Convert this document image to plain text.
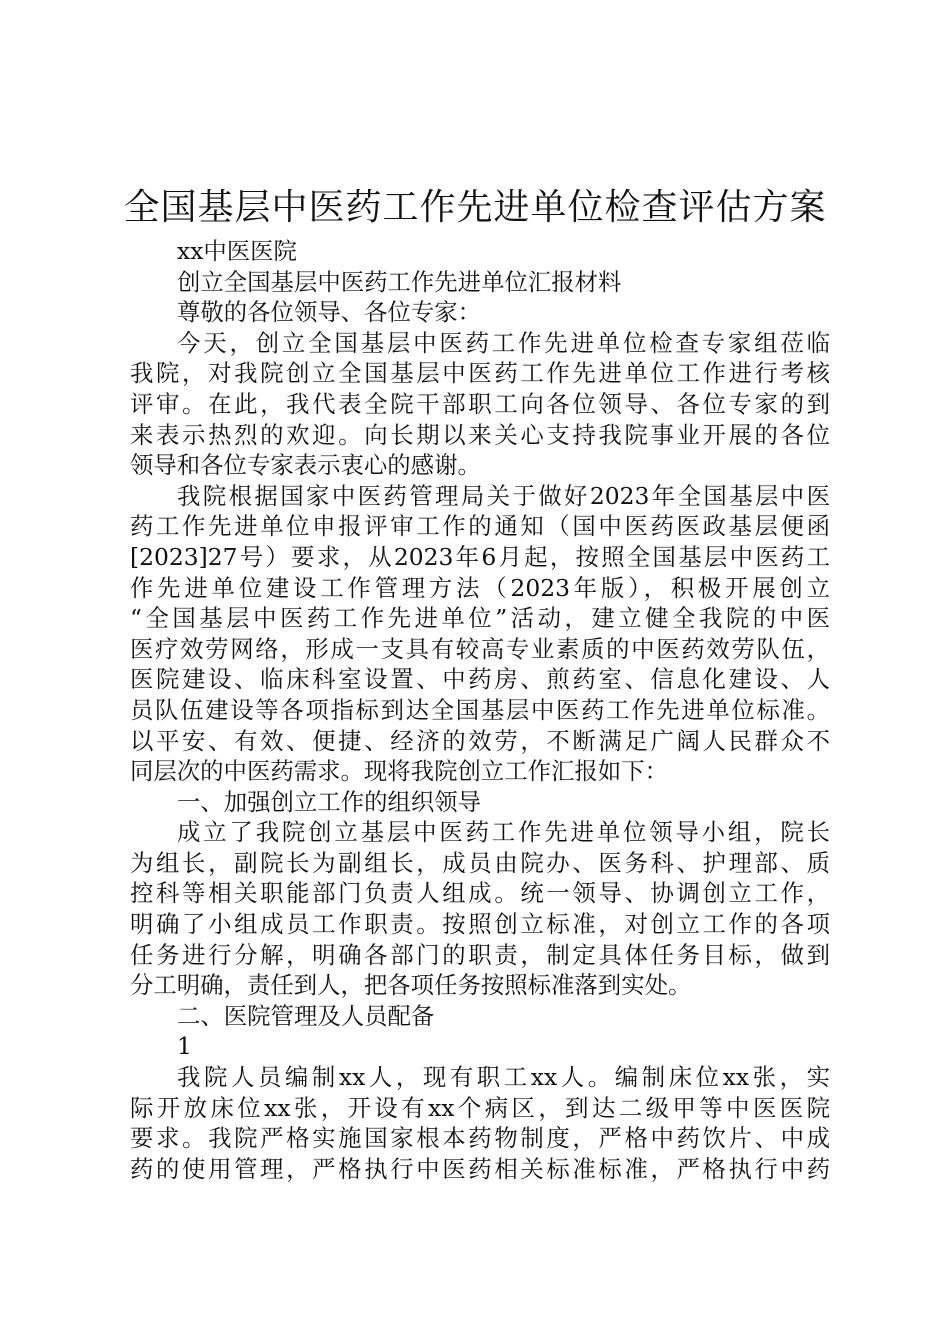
全国基层中医药工作先进单位检查评估方案
xx中医医院
创立全国基层中医药工作先进单位汇报材料
尊敬的各位领导、各位专家：
今天，创立全国基层中医药工作先进单位检查专家组莅临
我院，对我院创立全国基层中医药工作先进单位工作进行考核
评审。在此，我代表全院干部职工向各位领导、各位专家的到
来表示热烈的欢迎。向长期以来关心支持我院事业开展的各位
领导和各位专家表示衷心的感谢。
我院根据国家中医药管理局关于做好2023年全国基层中医
药工作先进单位申报评审工作的通知（国中医药医政基层便函
[2023]27号）要求，从2023年6月起，按照全国基层中医药工
作先进单位建设工作管理方法（2023年版），积极开展创立
“全国基层中医药工作先进单位”活动，建立健全我院的中医
医疗效劳网络，形成一支具有较高专业素质的中医药效劳队伍，
医院建设、临床科室设置、中药房、煎药室、信息化建设、人
员队伍建设等各项指标到达全国基层中医药工作先进单位标准。
以平安、有效、便捷、经济的效劳，不断满足广阔人民群众不
同层次的中医药需求。现将我院创立工作汇报如下：
一、加强创立工作的组织领导
成立了我院创立基层中医药工作先进单位领导小组，院长
为组长，副院长为副组长，成员由院办、医务科、护理部、质
控科等相关职能部门负责人组成。统一领导、协调创立工作，
明确了小组成员工作职责。按照创立标准，对创立工作的各项
任务进行分解，明确各部门的职责，制定具体任务目标，做到
分工明确，责任到人，把各项任务按照标准落到实处。
二、医院管理及人员配备
1
我院人员编制xx人，现有职工xx人。编制床位xx张，实
际开放床位xx张，开设有xx个病区，到达二级甲等中医医院
要求。我院严格实施国家根本药物制度，严格中药饮片、中成
药的使用管理，严格执行中医药相关标准标准，严格执行中药
